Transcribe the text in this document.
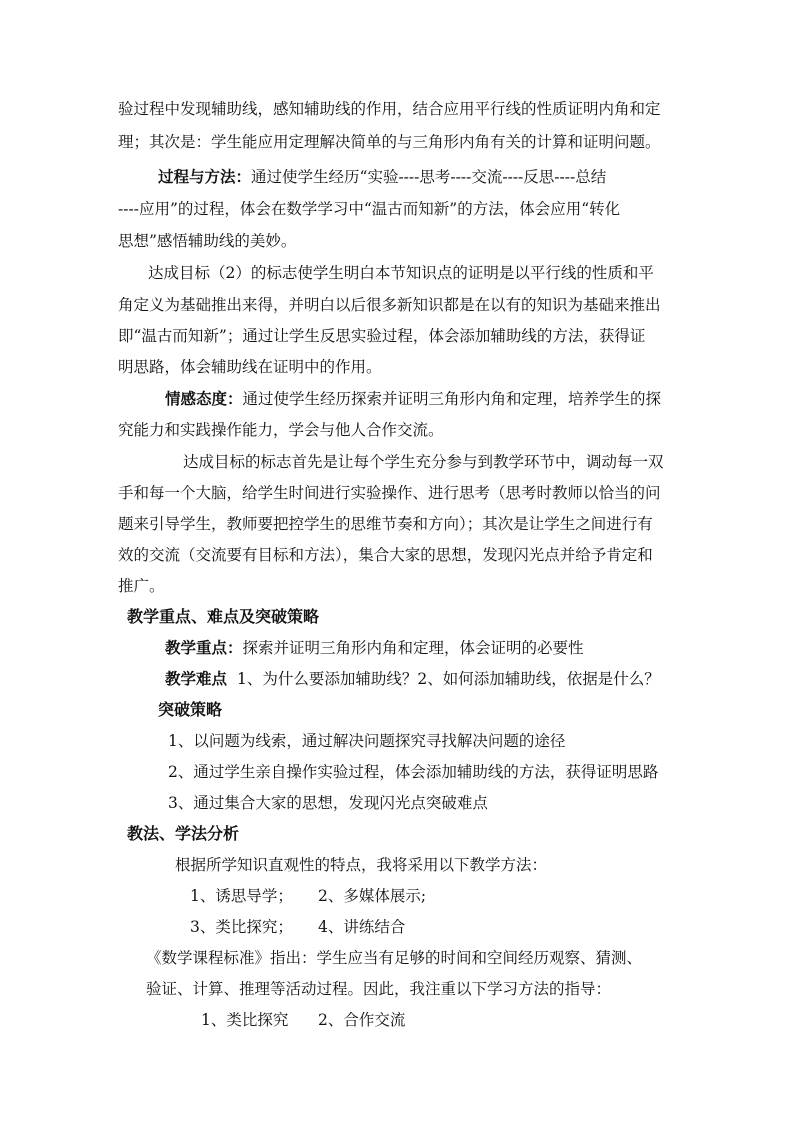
验过程中发现辅助线，感知辅助线的作用，结合应用平行线的性质证明内角和定
理；其次是：学生能应用定理解决简单的与三角形内角有关的计算和证明问题。
过程与方法：通过使学生经历“实验----思考----交流----反思----总结
----应用”的过程，体会在数学学习中“温古而知新”的方法，体会应用“转化
思想”感悟辅助线的美妙。
达成目标（2）的标志使学生明白本节知识点的证明是以平行线的性质和平
角定义为基础推出来得，并明白以后很多新知识都是在以有的知识为基础来推出
即“温古而知新”；通过让学生反思实验过程，体会添加辅助线的方法，获得证
明思路，体会辅助线在证明中的作用。
情感态度：通过使学生经历探索并证明三角形内角和定理，培养学生的探
究能力和实践操作能力，学会与他人合作交流。
达成目标的标志首先是让每个学生充分参与到教学环节中，调动每一双
手和每一个大脑，给学生时间进行实验操作、进行思考（思考时教师以恰当的问
题来引导学生，教师要把控学生的思维节奏和方向）；其次是让学生之间进行有
效的交流（交流要有目标和方法），集合大家的思想，发现闪光点并给予肯定和
推广。
教学重点、难点及突破策略
教学重点：探索并证明三角形内角和定理，体会证明的必要性
教学难点 1、为什么要添加辅助线？2、如何添加辅助线，依据是什么？
突破策略
1、以问题为线索，通过解决问题探究寻找解决问题的途径
2、通过学生亲自操作实验过程，体会添加辅助线的方法，获得证明思路
3、通过集合大家的思想，发现闪光点突破难点
教法、学法分析
根据所学知识直观性的特点，我将采用以下教学方法：
1、诱思导学； 2、多媒体展示;
3、类比探究； 4、讲练结合
《数学课程标准》指出：学生应当有足够的时间和空间经历观察、猜测、
验证、计算、推理等活动过程。因此，我注重以下学习方法的指导：
1、类比探究 2、合作交流
